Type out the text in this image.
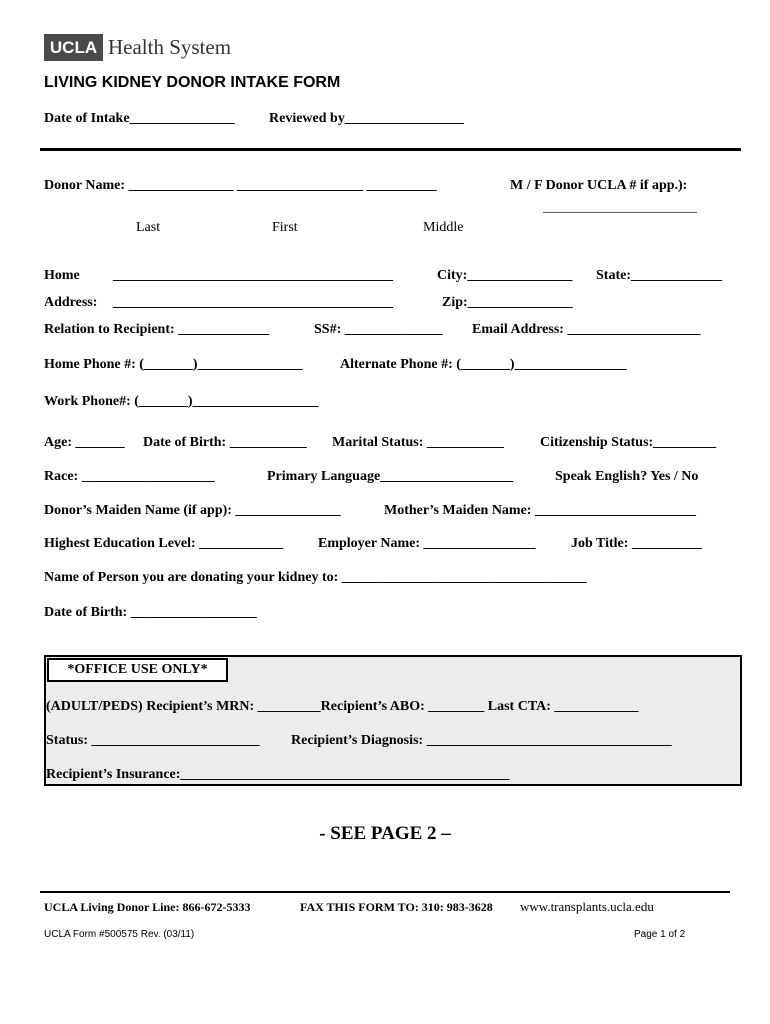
UCLA Health System
LIVING KIDNEY DONOR INTAKE FORM
Date of Intake_______________ Reviewed by_________________
Donor Name: _______________ __________________ __________	M / F Donor UCLA # if app.):
______________________
Last	First	Middle
Home ________________________________________	City:_______________ State:_____________
Address: ________________________________________	Zip:_______________
Relation to Recipient: _____________	SS#: ______________ Email Address: ___________________
Home Phone #: (_______)_______________	Alternate Phone #: (_______)________________
Work Phone#: (_______)__________________
Age: _______ Date of Birth: ___________ Marital Status: ___________	Citizenship Status:_________
Race: ___________________	Primary Language___________________	Speak English? Yes / No
Donor’s Maiden Name (if app): _______________	Mother’s Maiden Name: _______________________
Highest Education Level: ____________ Employer Name: ________________	Job Title: __________
Name of Person you are donating your kidney to: ___________________________________
Date of Birth: __________________
*OFFICE USE ONLY*
(ADULT/PEDS) Recipient’s MRN: _________Recipient’s ABO: ________ Last CTA: ____________
Status: ________________________ Recipient’s Diagnosis: ___________________________________
Recipient’s Insurance:_______________________________________________
- SEE PAGE 2 –
UCLA Living Donor Line: 866-672-5333	FAX THIS FORM TO: 310: 983-3628 www.transplants.ucla.edu
UCLA Form #500575 Rev. (03/11)	Page 1 of 2
